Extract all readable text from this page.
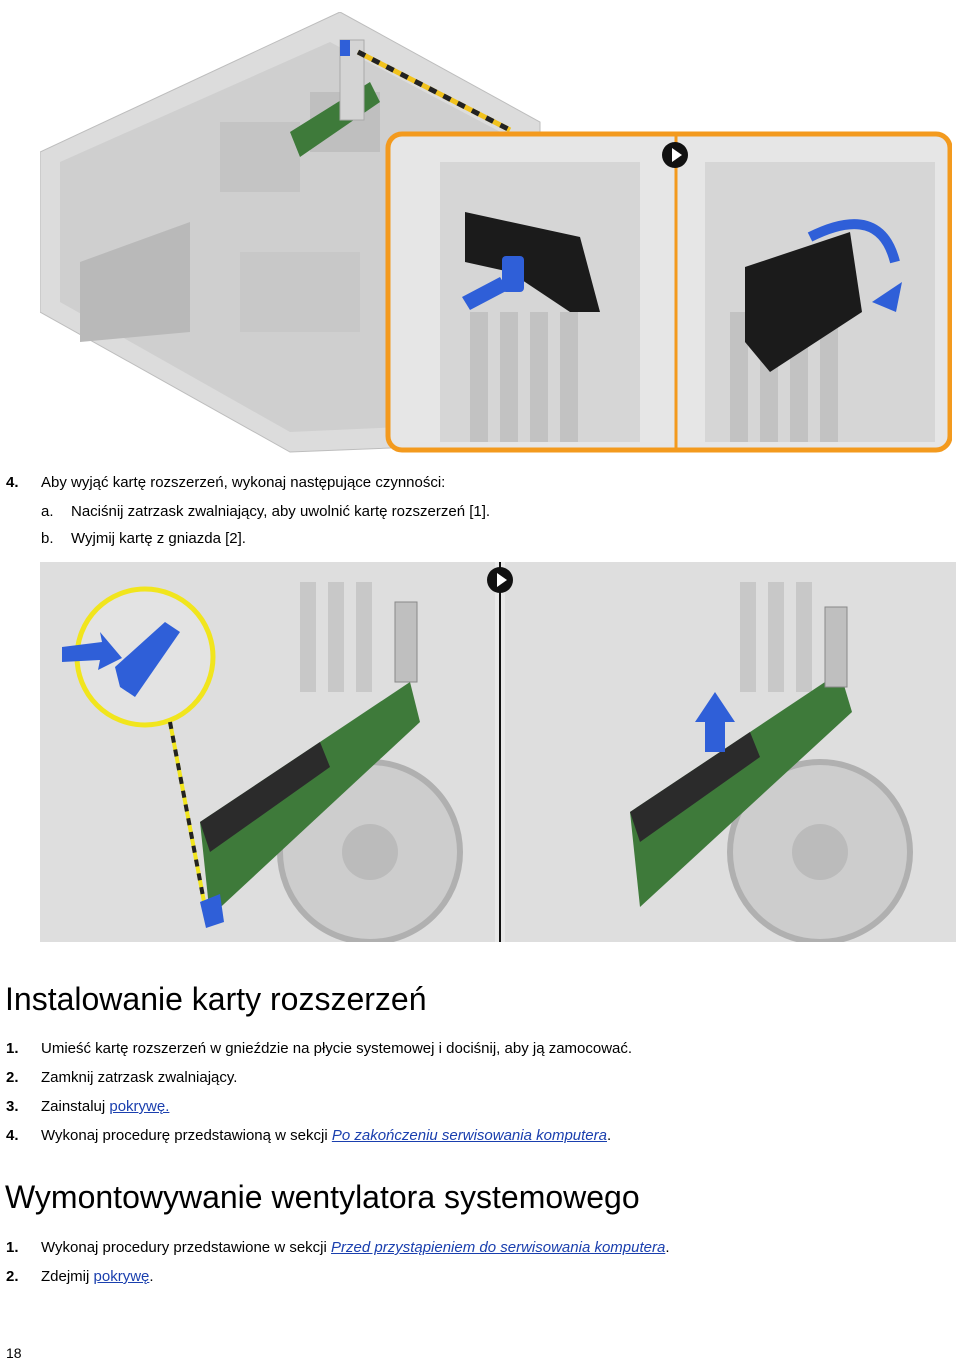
4. Aby wyjąć kartę rozszerzeń, wykonaj następujące czynności:
a. Naciśnij zatrzask zwalniający, aby uwolnić kartę rozszerzeń [1].
b. Wyjmij kartę z gniazda [2].
Instalowanie karty rozszerzeń
1. Umieść kartę rozszerzeń w gnieździe na płycie systemowej i dociśnij, aby ją zamocować.
2. Zamknij zatrzask zwalniający.
3. Zainstaluj pokrywę.
4. Wykonaj procedurę przedstawioną w sekcji Po zakończeniu serwisowania komputera.
Wymontowywanie wentylatora systemowego
1. Wykonaj procedury przedstawione w sekcji Przed przystąpieniem do serwisowania komputera.
2. Zdejmij pokrywę.
18
